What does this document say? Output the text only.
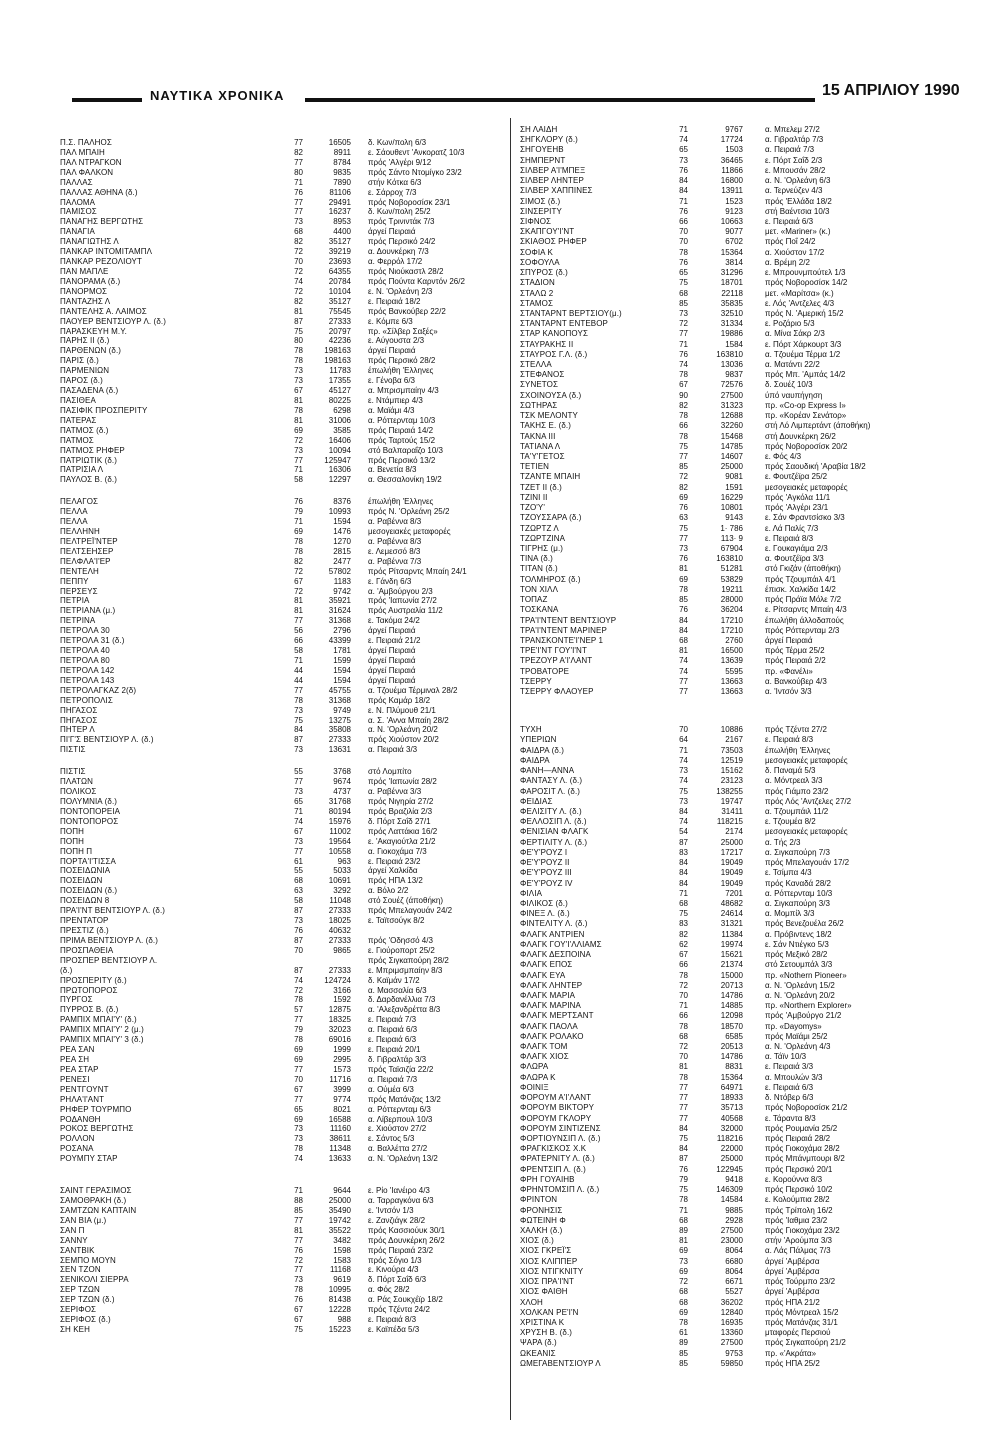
ΝΑΥΤΙΚΑ ΧΡΟΝΙΚΑ	15 ΑΠΡΙΛΙΟΥ 1990
Π.Σ. ΠΑΛΗΟΣ	77	16505 δ. Κων/πολη 6/3
ΠΑΛ ΜΠΑΙΗ	82	8911 ε. Σάουθεντ 'Ανκορατζ 10/3
ΠΑΛ ΝΤΡΑΓΚΟΝ	77	8784 πρός 'Αλγέρι 9/12
ΠΑΛ ΦΑΛΚΟΝ	80	9835 πρός Σάντο Ντομίγκο 23/2
ΠΑΛΛΑΣ	71	7890 στήν Κότκα 6/3
ΠΑΛΛΑΣ ΑΘΗΝΑ (δ.)	76	81106 ε. Σάρροχ 7/3
ΠΑΛΟΜΑ	77	29491 πρός Νοβοροσίσκ 23/1
ΠΑΜΙΣΟΣ	77	16237 δ. Κων/πολη 25/2
ΠΑΝΑΓΗΣ ΒΕΡΓΩΤΗΣ	73	8953 πρός Τρινιντάκ 7/3
ΠΑΝΑΓΙΑ	68	4400 άργεί Πειραιά
ΠΑΝΑΓΙΩΤΗΣ Λ	82	35127 πρός Περσικό 24/2
ΠΑΝΚΑΡ ΙΝΤΟΜΙΤΑΜΠΛ	72	39219 α. Δουνκέρκη 7/3
ΠΑΝΚΑΡ ΡΕΖΟΛΙΟΥΤ	70	23693 α. Φερρόλ 17/2
ΠΑΝ ΜΑΠΛΕ	72	64355 πρός Νιούκαστλ 28/2
ΠΑΝΟΡΑΜΑ (δ.)	74	20784 πρός Πούντα Καρντόν 26/2
ΠΑΝΟΡΜΟΣ	72	10104 ε. Ν. 'Ορλεάνη 2/3
ΠΑΝΤΑΖΗΣ Λ	82	35127 ε. Πειραιά 18/2
ΠΑΝΤΕΛΗΣ Α. ΛΑΙΜΟΣ	81	75545 πρός Βανκούβερ 22/2
ΠΑΟΥΕΡ ΒΕΝΤΣΙΟΥΡ Λ. (δ.)	87	27333 ε. Κόμπε 6/3
ΠΑΡΑΣΚΕΥΗ Μ.Υ.	75	20797 πρ. «Σίλβερ Σαξές»
ΠΑΡΗΣ ΙΙ (δ.)	80	42236 ε. Αύγουστα 2/3
ΠΑΡΘΕΝΩΝ (δ.)	78	198163 άργεί Πειραιά
ΠΑΡΙΣ (δ.)	78	198163 πρός Περσικό 28/2
ΠΑΡΜΕΝΙΩΝ	73	11783 έπωλήθη 'Ελληνες
ΠΑΡΟΣ (δ.)	73	17355 ε. Γένοβα 6/3
ΠΑΣΑΔΕΝΑ (δ.)	67	45127 α. Μπρισμπαίην 4/3
ΠΑΣΙΘΕΑ	81	80225 ε. Ντάμπιερ 4/3
ΠΑΣΙΦΙΚ ΠΡΟΣΠΕΡΙΤΥ	78	6298 α. Μαϊάμι 4/3
ΠΑΤΕΡΑΣ	81	31006 α. Ρόττερνταμ 10/3
ΠΑΤΜΟΣ (δ.)	69	3585 πρός Πειραιά 14/2
ΠΑΤΜΟΣ	72	16406 πρός Ταρτούς 15/2
ΠΑΤΜΟΣ ΡΗΦΕΡ	73	10094 στό Βαλπαραΐζο 10/3
ΠΑΤΡΙΩΤΙΚ (δ.)	77	125947 πρός Περσικό 13/2
ΠΑΤΡΙΣΙΑ Λ	71	16306 α. Βενετία 8/3
ΠΑΥΛΟΣ Β. (δ.)	58	12297 α. Θεσσαλονίκη 19/2
ΠΕΛΑΓΟΣ	76	8376 έπωλήθη 'Ελληνες
ΠΕΛΛΑ	79	10993 πρός Ν. 'Ορλεάνη 25/2
ΠΕΛΛΑ	71	1594 α. Ραβέννα 8/3
ΠΕΛΛΗΝΗ	69	1476 μεσογειακές μεταφορές
ΠΕΛΤΡΕΪ'ΝΤΕΡ	78	1270 α. Ραβέννα 8/3
ΠΕΛΤΣΕΗΣΕΡ	78	2815 ε. Λεμεσσό 8/3
ΠΕΛΦΛΑ'Ι'ΕΡ	82	2477 α. Ραβέννα 7/3
ΠΕΝΤΕΛΗ	72	57802 πρός Ρίτσαρντς Μπαίη 24/1
ΠΕΠΠΥ	67	1183 ε. Γάνδη 6/3
ΠΕΡΣΕΥΣ	72	9742 α. 'Αμβούργου 2/3
ΠΕΤΡΙΑ	81	35921 πρός 'Ιαπωνία 27/2
ΠΕΤΡΙΑΝΑ (μ.)	81	31624 πρός Αυστραλία 11/2
ΠΕΤΡΙΝΑ	77	31368 ε. Τακόμα 24/2
ΠΕΤΡΟΛΑ 30	56	2796 άργεί Πειραιά
ΠΕΤΡΟΛΑ 31 (δ.)	66	43399 ε. Πειραιά 21/2
ΠΕΤΡΟΛΑ 40	58	1781 άργεί Πειραιά
ΠΕΤΡΟΛΑ 80	71	1599 άργεί Πειραιά
ΠΕΤΡΟΛΑ 142	44	1594 άργεί Πειραιά
ΠΕΤΡΟΛΑ 143	44	1594 άργεί Πειραιά
ΠΕΤΡΟΛΑΓΚΑΖ 2(δ)	77	45755 α. Τζουέμα Τέρμιναλ 28/2
ΠΕΤΡΟΠΟΛΙΣ	78	31368 πρός Καμάρ 18/2
ΠΗΓΑΣΟΣ	73	9749 ε. Ν. Πλύμουθ 21/1
ΠΗΓΑΣΟΣ	75	13275 α. Σ. 'Αννα Μπαίη 28/2
ΠΗΤΕΡ Λ	84	35808 α. Ν. 'Ορλεάνη 20/2
ΠΙ'Γ'Σ ΒΕΝΤΣΙΟΥΡ Λ. (δ.)	87	27333 πρός Χιούστον 20/2
ΠΙΣΤΙΣ	73	13631 α. Πειραιά 3/3
ΠΙΣΤΙΣ	55	3768 στό Λομπίτο
ΠΛΑΤΩΝ	77	9674 πρός 'Ιαπωνία 28/2
ΠΟΛΙΚΟΣ	73	4737 α. Ραβέννα 3/3
ΠΟΛΥΜΝΙΑ (δ.)	65	31768 πρός Νιγηρία 27/2
ΠΟΝΤΟΠΟΡΕΙΑ	71	80194 πρός Βραζιλία 2/3
ΠΟΝΤΟΠΟΡΟΣ	74	15976 δ. Πόρτ Σαΐδ 27/1
ΠΟΠΗ	67	11002 πρός Λαττάκια 16/2
ΠΟΠΗ	73	19564 ε. 'Ακαγιούτλα 21/2
ΠΟΠΗ Π	77	10558 α. Γιοκοχάμα 7/3
ΠΟΡΤΑ'Ι'ΤΙΣΣΑ	61	963 ε. Πειραιά 23/2
ΠΟΣΕΙΔΩΝΙΑ	55	5033 άργεί Χαλκίδα
ΠΟΣΕΙΔΩΝ	68	10691 πρός ΗΠΑ 13/2
ΠΟΣΕΙΔΩΝ (δ.)	63	3292 α. Βόλο 2/2
ΠΟΣΕΙΔΩΝ 8	58	11048 στό Σουέζ (άποθήκη)
ΠΡΑ'Ι'ΝΤ ΒΕΝΤΣΙΟΥΡ Λ. (δ.)	87	27333 πρός Μπελαγουάν 24/2
ΠΡΕΝΤΑΤΟΡ	73	18025 ε. Ταϊτσούγκ 8/2
ΠΡΕΣΤΙΖ (δ.)	76	40632
ΠΡΙΜΑ ΒΕΝΤΣΙΟΥΡ Λ. (δ.)	87	27333 πρός 'Οδησσό 4/3
ΠΡΟΣΠΑΘΕΙΑ	70	9865 ε. Γιούροπορτ 25/2
ΠΡΟΣΠΕΡ ΒΕΝΤΣΙΟΥΡ Λ.	πρός Σιγκαπούρη 28/2
(δ.)	87	27333 ε. Μπριμσμπαίην 8/3
ΠΡΟΣΠΕΡΙΤΥ (δ.)	74	124724 δ. Καϊμάν 17/2
ΠΡΩΤΟΠΟΡΟΣ	72	3166 α. Μασσαλία 6/3
ΠΥΡΓΟΣ	78	1592 δ. Δαρδανέλλια 7/3
ΠΥΡΡΟΣ Β. (δ.)	57	12875 α. 'Αλεξανδρέττα 8/3
ΡΑΜΠΙΧ ΜΠΑΙ'Υ' (δ.)	77	18325 ε. Πειραιά 7/3
ΡΑΜΠΙΧ ΜΠΑΙ'Υ' 2 (μ.)	79	32023 α. Πειραιά 6/3
ΡΑΜΠΙΧ ΜΠΑΙ'Υ' 3 (δ.)	78	69016 ε. Πειραιά 6/3
ΡΕΑ ΣΑΝ	69	1999 ε. Πειραιά 20/1
ΡΕΑ ΣΗ	69	2995 δ. Γιβραλτάρ 3/3
ΡΕΑ ΣΤΑΡ	77	1573 πρός Ταϊσιζία 22/2
ΡΕΝΕΣΙ	70	11716 α. Πειραιά 7/3
ΡΕΝΤΓΟΥΝΤ	67	3999 α. Ούμέα 6/3
ΡΗΛΑ'Ι'ΑΝΤ	77	9774 πρός Ματάνζας 13/2
ΡΗΦΕΡ ΤΟΥΡΜΠΟ	65	8021 α. Ρόττερνταμ 6/3
ΡΟΔΑΝΘΗ	69	16588 α. Λίβερπουλ 10/3
ΡΟΚΟΣ ΒΕΡΓΩΤΗΣ	73	11160 ε. Χιούστον 27/2
ΡΟΛΛΟΝ	73	38611 ε. Σάντος 5/3
ΡΟΣΑΝΑ	78	11348 α. Βαλλέττα 27/2
ΡΟΥΜΠΥ ΣΤΑΡ	74	13633 α. Ν. 'Ορλεάνη 13/2
ΣΑΙΝΤ ΓΕΡΑΣΙΜΟΣ	71	9644 ε. Ρίο 'Ιανέιρο 4/3
ΣΑΜΟΘΡΑΚΗ (δ.)	88	25000 α. Ταρραγκόνα 6/3
ΣΑΜΤΖΩΝ ΚΑΠΤΑΙΝ	85	35490 ε. 'Ιντσόν 1/3
ΣΑΝ ΒΙΑ (μ.)	77	19742 ε. Ζανζιάγκ 28/2
ΣΑΝ Π	81	35522 πρός Κασσιούυκ 30/1
ΣΑΝΝΥ	77	3482 πρός Δουνκέρκη 26/2
ΣΑΝΤΒΙΚ	76	1598 πρός Πειραιά 23/2
ΣΕΜΠΟ ΜΟΥΝ	72	1583 πρός Σόγιο 1/3
ΣΕΝ ΤΖΟΝ	77	11168 ε. Κινούρα 4/3
ΣΕΝΙΚΟΛΙ ΣΙΕΡΡΑ	73	9619 δ. Πόρτ Σαΐδ 6/3
ΣΕΡ ΤΖΩΝ	78	10995 α. Φός 28/2
ΣΕΡ ΤΖΩΝ (δ.)	76	81438 α. Ράς Σουκχέϊρ 18/2
ΣΕΡΙΦΟΣ	67	12228 πρός Τζέντα 24/2
ΣΕΡΙΦΟΣ (δ.)	67	988 ε. Πειραιά 8/3
ΣΗ ΚΕΗ	75	15223 ε. Καϊπέδα 5/3
ΣΗ ΛΑΙΔΗ	71	9767	α. Μπελεμ 27/2
ΣΗΓΚΛΟΡΥ (δ.)	74	17724	α. Γιβραλτάρ 7/3
ΣΗΓΟΥΕΗΒ	65	1503	α. Πειραιά 7/3
ΣΗΜΠΕΡΝΤ	73	36465	ε. Πόρτ Σαΐδ 2/3
ΣΙΛΒΕΡ Α'Ι'ΜΠΕΞ	76	11866	ε. Μπουσάν 28/2
ΣΙΛΒΕΡ ΛΗΝΤΕΡ	84	16800	α. Ν. 'Ορλεάνη 6/3
ΣΙΛΒΕΡ ΧΑΠΠΙΝΕΣ	84	13911	α. Τερνεύζεν 4/3
ΣΙΜΟΣ (δ.)	71	1523	πρός 'Ελλάδα 18/2
ΣΙΝΣΕΡΙΤΥ	76	9123	στή Βαέντσια 10/3
ΣΙΦΝΟΣ	66	10663	ε. Πειραιά 6/3
ΣΚΑΠΓΟΥ'Ι'ΝΤ	70	9077	μετ. «Mariner» (κ.)
ΣΚΙΑΘΟΣ ΡΗΦΕΡ	70	6702	πρός Ποΐ 24/2
ΣΟΦΙΑ Κ	78	15364	α. Χιούστον 17/2
ΣΟΦΟΥΛΑ	76	3814	α. Βρέμη 2/2
ΣΠΥΡΟΣ (δ.)	65	31296	ε. Μπρουνμπούτελ 1/3
ΣΤΑΔΙΟΝ	75	18701	πρός Νοβοροσίσκ 14/2
ΣΤΑΛΩ 2	68	22118	μετ. «Μαρίτσα» (κ.)
ΣΤΑΜΟΣ	85	35835	ε. Λός 'Αντζελες 4/3
ΣΤΑΝΤΑΡΝΤ ΒΕΡΤΣΙΟΥ(μ.)	73	32510	πρός Ν. 'Αμερική 15/2
ΣΤΑΝΤΑΡΝΤ ΕΝΤΕΒΟΡ	72	31334	ε. Ροζάριο 5/3
ΣΤΑΡ ΚΑΝΟΠΟΥΣ	77	19886	α. Μίνα Σάκρ 2/3
ΣΤΑΥΡΑΚΗΣ ΙΙ	71	1584	ε. Πόρτ Χάρκουρτ 3/3
ΣΤΑΥΡΟΣ Γ.Λ. (δ.)	76	163810	α. Τζουέμα Τέρμα 1/2
ΣΤΕΛΛΑ	74	13036	α. Ματάντι 22/2
ΣΤΕΦΑΝΟΣ	78	9837	πρός Μπ. 'Αμπάς 14/2
ΣΥΝΕΤΟΣ	67	72576	δ. Σουέζ 10/3
ΣΧΟΙΝΟΥΣΑ (δ.)	90	27500	ύπό ναυπήγηση
ΣΩΤΗΡΑΣ	82	31323	πρ. «Co-op Express Ι»
ΤΣΚ ΜΕΛΟΝΤΥ	78	12688	πρ. «Κορέαν Σενάτορ»
ΤΑΚΗΣ Ε. (δ.)	66	32260	στή Λό Λιμπερτάντ (άποθήκη)
ΤΑΚΝΑ ΙΙΙ	78	15468	στή Δουνκέρκη 26/2
ΤΑΤΙΑΝΑ Λ	75	14785	πρός Νοβοροσίσκ 20/2
ΤΑ'Υ'ΓΕΤΟΣ	77	14607	ε. Φός 4/3
ΤΕΤΙΕΝ	85	25000	πρός Σαουδική 'Αραβία 18/2
ΤΖΑΝΤΕ ΜΠΑΙΗ	72	9081	ε. Φουτζέϊρα 25/2
ΤΖΕΤ ΙΙ (δ.)	82	1591	μεσογειακές μεταφορές
ΤΖΙΝΙ ΙΙ	69	16229	πρός 'Αγκόλα 11/1
ΤΖΟ'Υ'	76	10801	πρός 'Αλγέρι 23/1
ΤΖΟΥΣΣΑΡΑ (δ.)	63	9143	ε. Σάν Φραντσίσκο 3/3
ΤΖΩΡΤΖ Λ	75	1· 786	ε. Λά Παλίς 7/3
ΤΖΩΡΤΖΙΝΑ	77	113· 9	ε. Πειραιά 8/3
ΤΙΓΡΗΣ (μ.)	73	67904	ε. Γουκαγιάμα 2/3
ΤΙΝΑ (δ.)	76	163810	α. Φουτζέϊρα 3/3
ΤΙΤΑΝ (δ.)	81	51281	στό Γκιζάν (άποθήκη)
ΤΟΛΜΗΡΟΣ (δ.)	69	53829	πρός Τζουμπάιλ 4/1
ΤΟΝ ΧΙΛΛ	78	19211	έπισκ. Χαλκίδα 14/2
ΤΟΠΑΖ	85	28000	πρός Πράϊα Μόλε 7/2
ΤΟΣΚΑΝΑ	76	36204	ε. Ρίτσαρντς Μπαίη 4/3
ΤΡΑ'Ι'ΝΤΕΝΤ ΒΕΝΤΣΙΟΥΡ	84	17210	έπωλήθη άλλοδαπούς
ΤΡΑ'Ι'ΝΤΕΝΤ ΜΑΡΙΝΕΡ	84	17210	πρός Ρόττερνταμ 2/3
ΤΡΑΝΣΚΟΝΤΕ'Ι'ΝΕΡ 1	68	2760	άργεί Πειραιά
ΤΡΕ'Ι'ΝΤ ΓΟΥ'Ι'ΝΤ	81	16500	πρός Τέρμα 25/2
ΤΡΕΖΟΥΡ Α'Ι'ΛΑΝΤ	74	13639	πρός Πειραιά 2/2
ΤΡΟΒΑΤΟΡΕ	74	5595	πρ. «Φανέλι»
ΤΣΕΡΡΥ	77	13663	α. Βανκούβερ 4/3
ΤΣΕΡΡΥ ΦΛΑΟΥΕΡ	77	13663	α. 'Ιντσόν 3/3
ΤΥΧΗ	70	10886	πρός Τζέντα 27/2
ΥΠΕΡΙΩΝ	64	2167	ε. Πειραιά 8/3
ΦΑΙΔΡΑ (δ.)	71	73503	έπωλήθη 'Ελληνες
ΦΑΙΔΡΑ	74	12519	μεσογειακές μεταφορές
ΦΑΝΗ—ΑΝΝΑ	73	15162	δ. Παναμά 5/3
ΦΑΝΤΑΣΥ Λ. (δ.)	74	23123	α. Μόντρεαλ 3/3
ΦΑΡΟΣΙΤ Λ. (δ.)	75	138255	πρός Γιάμπο 23/2
ΦΕΙΔΙΑΣ	73	19747	πρός Λός 'Αντζελες 27/2
ΦΕΛΙΣΙΤΥ Λ. (δ.)	84	31411	α. Τζουμπάιλ 11/2
ΦΕΛΛΟΣΙΠ Λ. (δ.)	74	118215	ε. Τζουμέα 8/2
ΦΕΝΙΣΙΑΝ ΦΛΑΓΚ	54	2174	μεσογειακές μεταφορές
ΦΕΡΤΙΛΙΤΥ Λ. (δ.)	87	25000	α. Τής 2/3
ΦΕ'Υ'ΡΟΥΖ Ι	83	17217	α. Σιγκαπούρη 7/3
ΦΕ'Υ'ΡΟΥΖ ΙΙ	84	19049	πρός Μπελαγουάν 17/2
ΦΕ'Υ'ΡΟΥΖ ΙΙΙ	84	19049	ε. Τσίμπα 4/3
ΦΕ'Υ'ΡΟΥΖ ΙV	84	19049	πρός Καναδά 28/2
ΦΙΛΙΑ	71	7201	α. Ρόττερνταμ 10/3
ΦΙΛΙΚΟΣ (δ.)	68	48682	α. Σιγκαπούρη 3/3
ΦΙΝΕΞ Λ. (δ.)	75	24614	α. Μομπίλ 3/3
ΦΙΝΤΕΛΙΤΥ Λ. (δ.)	83	31321	πρός Βενεζουέλα 26/2
ΦΛΑΓΚ ΑΝΤΡΙΕΝ	82	11384	α. Πρόβιντενς 18/2
ΦΛΑΓΚ ΓΟΥ'Ι'ΛΛΙΑΜΣ	62	19974	ε. Σάν Ντιέγκο 5/3
ΦΛΑΓΚ ΔΕΣΠΟΙΝΑ	67	15621	πρός Μεξικό 28/2
ΦΛΑΓΚ ΕΠΟΣ	66	21374	στό Σετουμπάλ 3/3
ΦΛΑΓΚ ΕΥΑ	78	15000	πρ. «Nothern Pioneer»
ΦΛΑΓΚ ΛΗΝΤΕΡ	72	20713	α. Ν. 'Ορλεάνη 15/2
ΦΛΑΓΚ ΜΑΡΙΑ	70	14786	α. Ν. 'Ορλεάνη 20/2
ΦΛΑΓΚ ΜΑΡΙΝΑ	71	14885	πρ. «Northern Explorer»
ΦΛΑΓΚ ΜΕΡΤΣΑΝΤ	66	12098	πρός 'Αμβούργο 21/2
ΦΛΑΓΚ ΠΑΟΛΑ	78	18570	πρ. «Dayomys»
ΦΛΑΓΚ ΡΟΛΑΚΟ	68	6585	πρός Μαϊάμι 25/2
ΦΛΑΓΚ ΤΟΜ	72	20513	α. Ν. 'Ορλεάνη 4/3
ΦΛΑΓΚ ΧΙΟΣ	70	14786	α. Τάϊν 10/3
ΦΛΩΡΑ	81	8831	ε. Πειραιά 3/3
ΦΛΩΡΑ Κ	78	15364	α. Μπουλών 3/3
ΦΟΙΝΙΞ	77	64971	ε. Πειραιά 6/3
ΦΟΡΟΥΜ Α'Ι'ΛΑΝΤ	77	18933	δ. Ντόβερ 6/3
ΦΟΡΟΥΜ ΒΙΚΤΟΡΥ	77	35713	πρός Νοβοροσίσκ 21/2
ΦΟΡΟΥΜ ΓΚΛΟΡΥ	77	40568	ε. Τάραντα 8/3
ΦΟΡΟΥΜ ΣΙΝΤΙΖΕΝΣ	84	32000	πρός Ρουμανία 25/2
ΦΟΡΤΙΟΥΝΣΙΠ Λ. (δ.)	75	118216	πρός Πειραιά 28/2
ΦΡΑΓΚΙΣΚΟΣ Χ.Κ	84	22000	πρός Γιοκοχάμα 28/2
ΦΡΑΤΕΡΝΙΤΥ Λ. (δ.)	87	25000	πρός Μπάνμπουρι 8/2
ΦΡΕΝΤΣΙΠ Λ. (δ.)	76	122945	πρός Περσικό 20/1
ΦΡΗ ΓΟΥΑΙΗΒ	79	9418	ε. Κορούννα 8/3
ΦΡΗΝΤΟΜΣΙΠ Λ. (δ.)	75	146309	πρός Περσικό 10/2
ΦΡΙΝΤΟΝ	78	14584	ε. Κολούμπια 28/2
ΦΡΟΝΗΣΙΣ	71	9885	πρός Τρίπολη 16/2
ΦΩΤΕΙΝΗ Φ	68	2928	πρός 'Ιαθμια 23/2
ΧΑΛΚΗ (δ.)	89	27500	πρός Γιοκοχάμα 23/2
ΧΙΟΣ (δ.)	81	23000	στήν 'Αρούμπα 3/3
ΧΙΟΣ ΓΚΡΕΪ'Σ	69	8064	α. Λάς Πάλμας 7/3
ΧΙΟΣ ΚΛΙΠΠΕΡ	73	6680	άργεί 'Αμβέρσα
ΧΙΟΣ ΝΤΙΓΚΝΙΤΥ	69	8064	άργεί 'Αμβέρσα
ΧΙΟΣ ΠΡΑ'Ι'ΝΤ	72	6671	πρός Τούρμπο 23/2
ΧΙΟΣ ΦΑΙΘΗ	68	5527	άργεί 'Αμβέρσα
ΧΛΟΗ	68	36202	πρός ΗΠΑ 21/2
ΧΟΛΚΑΝ ΡΕ'Ι'Ν	69	12840	πρός Μόντρεαλ 15/2
ΧΡΙΣΤΙΝΑ Κ	78	16935	πρός Ματάνζας 31/1
ΧΡΥΣΗ Β. (δ.)	61	13360	μταφορές Περσιού
ΨΑΡΑ (δ.)	89	27500	πρός Σιγκαπούρη 21/2
ΩΚΕΑΝΙΣ	85	9753	πρ. «'Ακράτα»
ΩΜΕΓΑΒΕΝΤΣΙΟΥΡ Λ	85	59850	πρός ΗΠΑ 25/2
